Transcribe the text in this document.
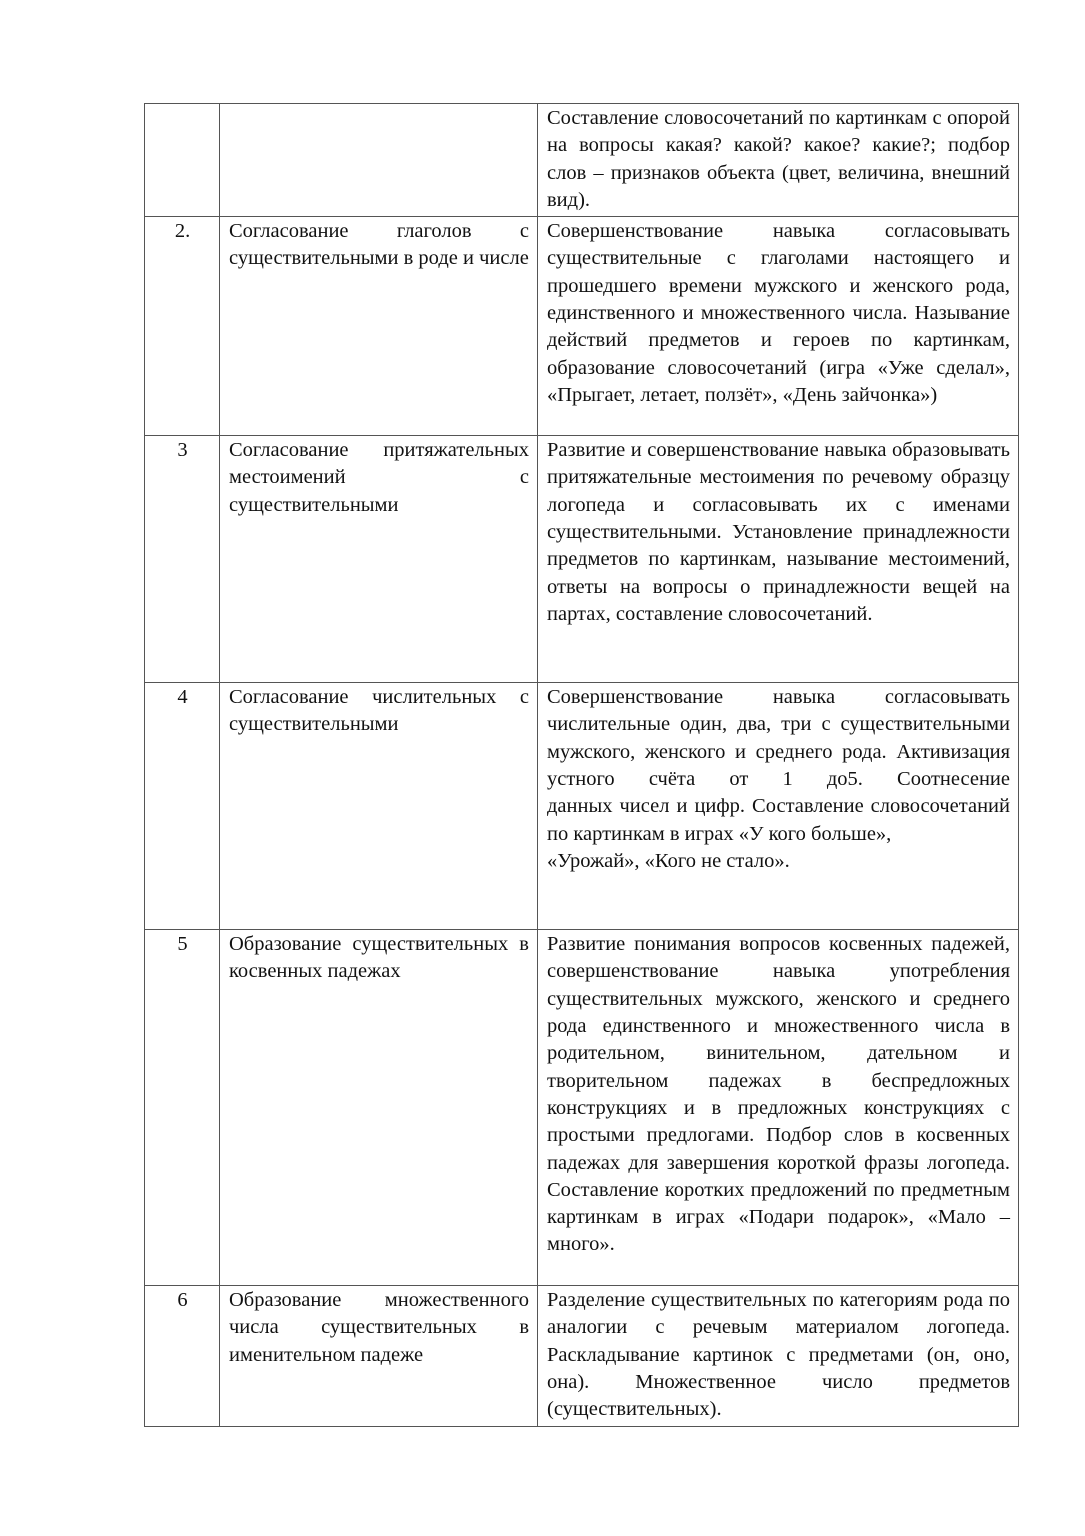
		Составление словосочетаний по картинкам с опорой на вопросы какая? какой? какое? какие?; подбор слов – признаков объекта (цвет, величина, внешний вид).
2.	Согласование глаголов с существительными в роде и числе	Совершенствование навыка согласовывать существительные с глаголами настоящего и прошедшего времени мужского и женского рода, единственного и множественного числа. Называние действий предметов и героев по картинкам, образование словосочетаний (игра «Уже сделал», «Прыгает, летает, ползёт», «День зайчонка»)
3	Согласование притяжательных местоимений с существительными	Развитие и совершенствование навыка образовывать притяжательные местоимения по речевому образцу логопеда и согласовывать их с именами существительными. Установление принадлежности предметов по картинкам, называние местоимений, ответы на вопросы о принадлежности вещей на партах, составление словосочетаний.
4	Согласование числительных с существительными	Совершенствование навыка согласовывать числительные один, два, три с существительными мужского, женского и среднего рода. Активизация устного счёта от 1 до5. Соотнесение
данных чисел и цифр. Составление словосочетаний по картинкам в играх «У кого больше»,
«Урожай», «Кого не стало».

5	Образование существительных в косвенных падежах	Развитие понимания вопросов косвенных падежей, совершенствование навыка употребления существительных мужского, женского и среднего рода единственного и множественного числа в родительном, винительном, дательном и творительном падежах в беспредложных конструкциях и в предложных конструкциях с простыми предлогами. Подбор слов в косвенных падежах для завершения короткой фразы логопеда. Составление коротких предложений по предметным картинкам в играх «Подари подарок», «Мало – много».
6	Образование множественного числа существительных в именительном падеже	Разделение существительных по категориям рода по аналогии с речевым материалом логопеда. Раскладывание картинок с предметами (он, оно, она). Множественное число предметов (существительных).
